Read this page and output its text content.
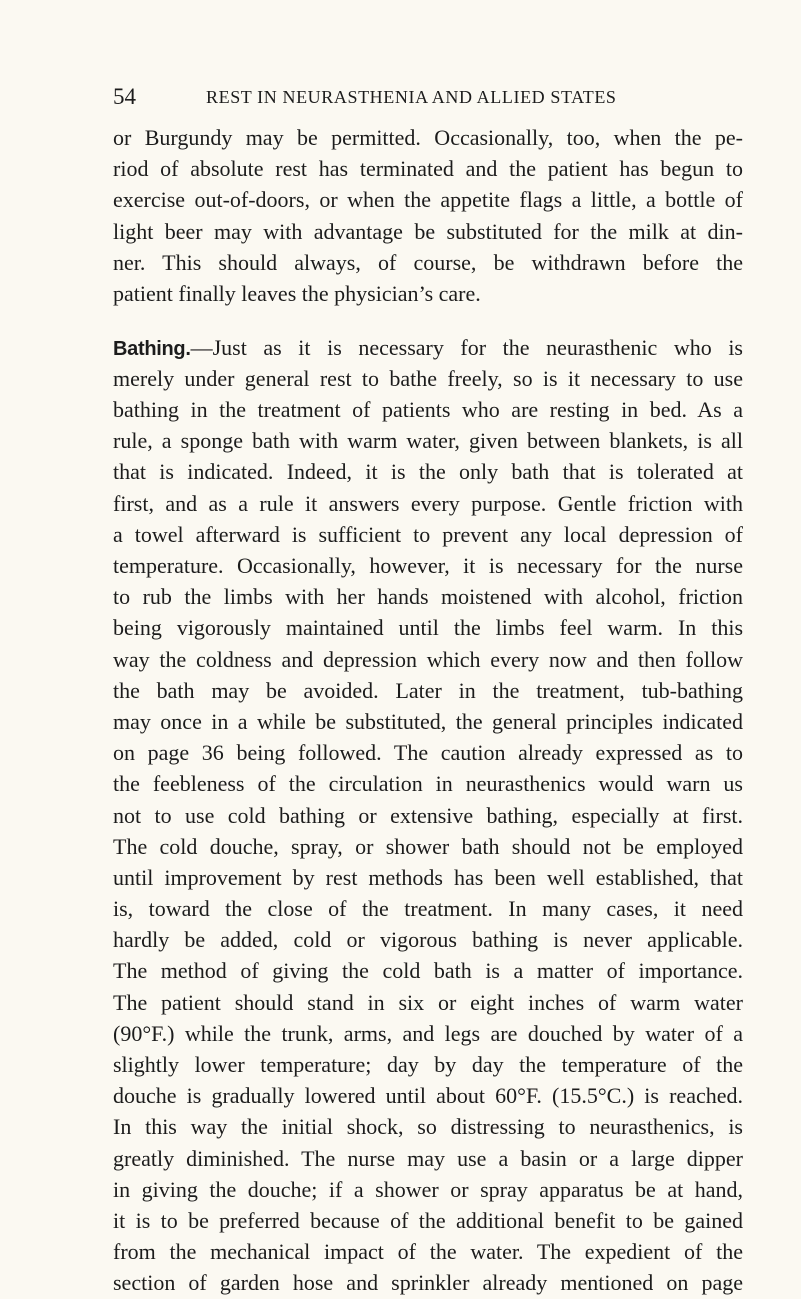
54	REST IN NEURASTHENIA AND ALLIED STATES
or Burgundy may be permitted. Occasionally, too, when the pe-
riod of absolute rest has terminated and the patient has begun to
exercise out-of-doors, or when the appetite flags a little, a bottle of
light beer may with advantage be substituted for the milk at din-
ner. This should always, of course, be withdrawn before the
patient finally leaves the physician’s care.
Bathing.—Just as it is necessary for the neurasthenic who is
merely under general rest to bathe freely, so is it necessary to use
bathing in the treatment of patients who are resting in bed. As a
rule, a sponge bath with warm water, given between blankets, is all
that is indicated. Indeed, it is the only bath that is tolerated at
first, and as a rule it answers every purpose. Gentle friction with
a towel afterward is sufficient to prevent any local depression of
temperature. Occasionally, however, it is necessary for the nurse
to rub the limbs with her hands moistened with alcohol, friction
being vigorously maintained until the limbs feel warm. In this
way the coldness and depression which every now and then follow
the bath may be avoided. Later in the treatment, tub-bathing
may once in a while be substituted, the general principles indicated
on page 36 being followed. The caution already expressed as to
the feebleness of the circulation in neurasthenics would warn us
not to use cold bathing or extensive bathing, especially at first.
The cold douche, spray, or shower bath should not be employed
until improvement by rest methods has been well established, that
is, toward the close of the treatment. In many cases, it need
hardly be added, cold or vigorous bathing is never applicable.
The method of giving the cold bath is a matter of importance.
The patient should stand in six or eight inches of warm water
(90°F.) while the trunk, arms, and legs are douched by water of a
slightly lower temperature; day by day the temperature of the
douche is gradually lowered until about 60°F. (15.5°C.) is reached.
In this way the initial shock, so distressing to neurasthenics, is
greatly diminished. The nurse may use a basin or a large dipper
in giving the douche; if a shower or spray apparatus be at hand,
it is to be preferred because of the additional benefit to be gained
from the mechanical impact of the water. The expedient of the
section of garden hose and sprinkler already mentioned on page
